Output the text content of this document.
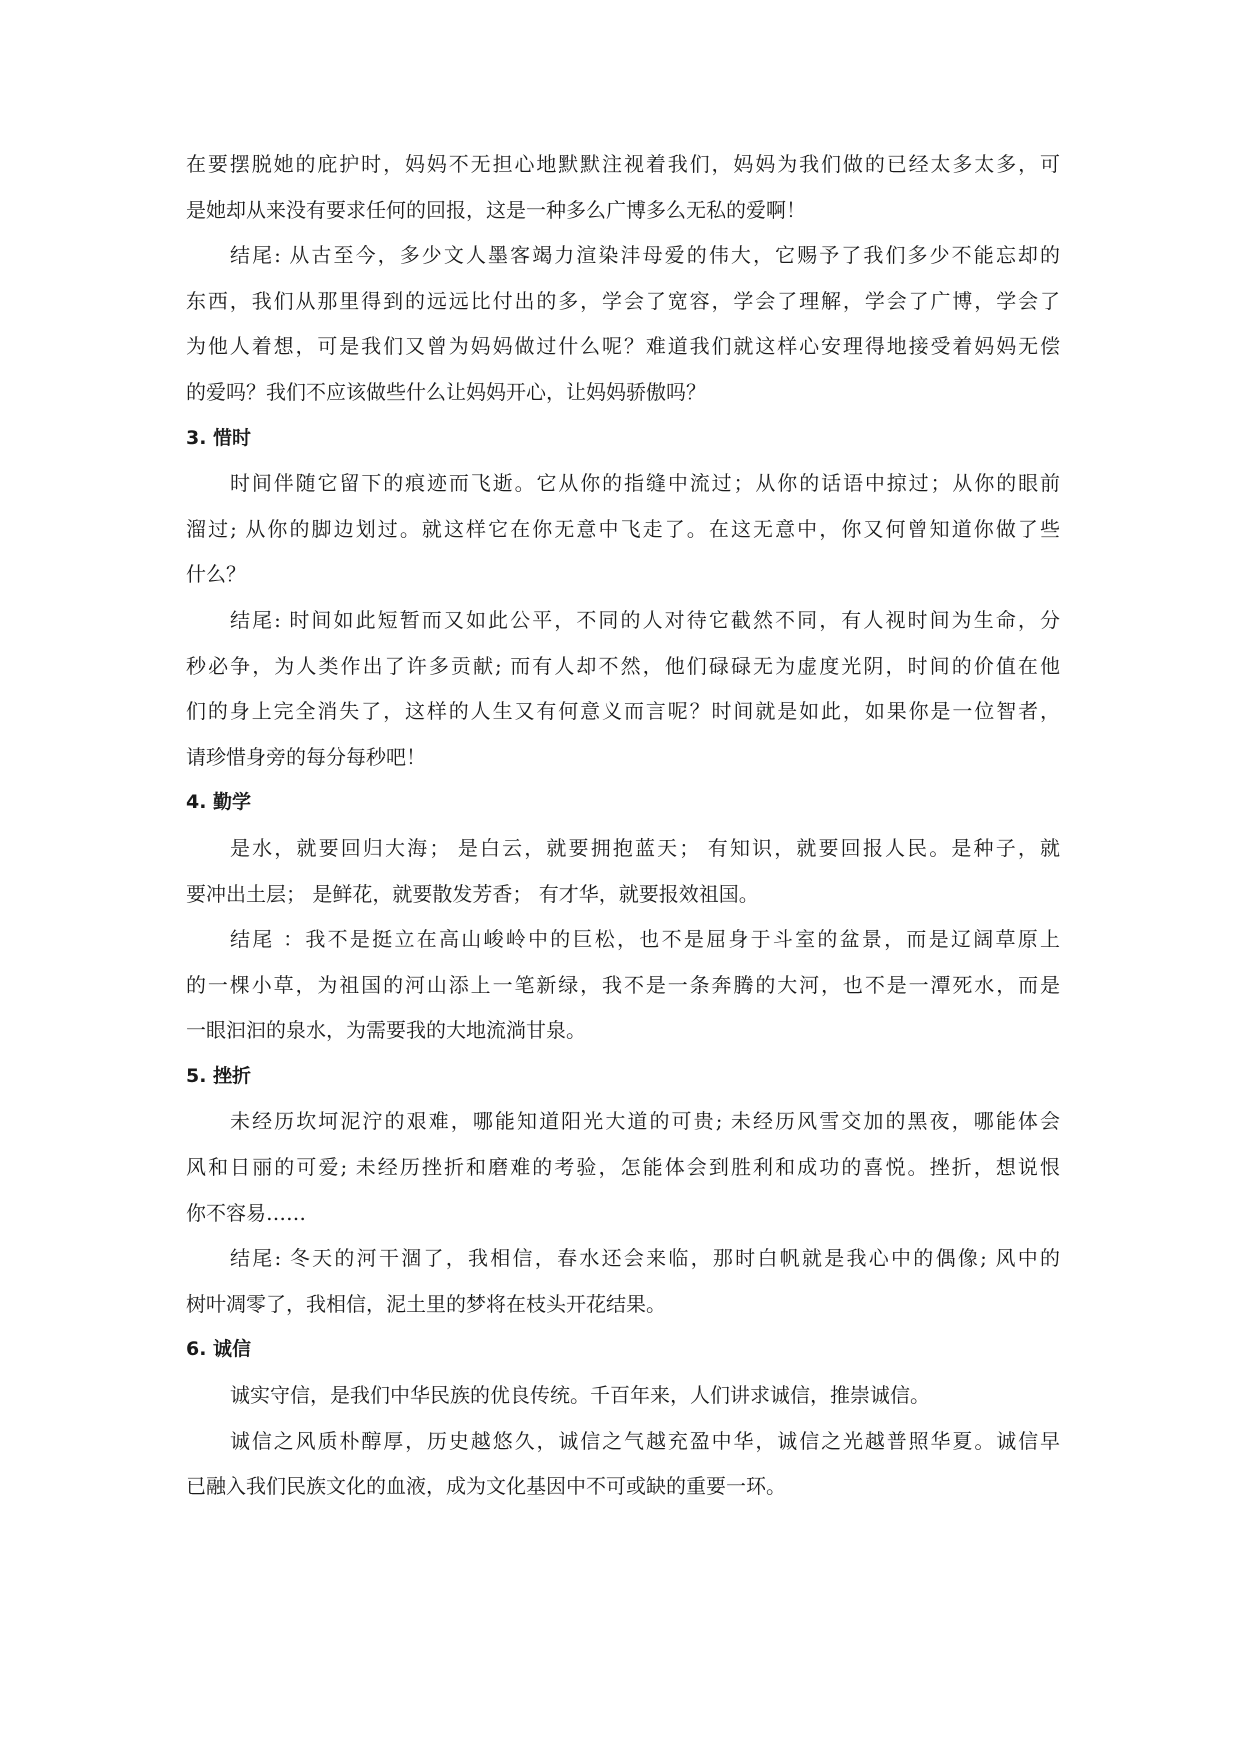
在要摆脱她的庇护时，妈妈不无担心地默默注视着我们，妈妈为我们做的已经太多太多，可
是她却从来没有要求任何的回报，这是一种多么广博多么无私的爱啊！
结尾: 从古至今，多少文人墨客竭力渲染沣母爱的伟大，它赐予了我们多少不能忘却的
东西，我们从那里得到的远远比付出的多，学会了宽容，学会了理解，学会了广博，学会了
为他人着想，可是我们又曾为妈妈做过什么呢？难道我们就这样心安理得地接受着妈妈无偿
的爱吗？我们不应该做些什么让妈妈开心，让妈妈骄傲吗？
3. 惜时
时间伴随它留下的痕迹而飞逝。它从你的指缝中流过；从你的话语中掠过；从你的眼前
溜过; 从你的脚边划过。就这样它在你无意中飞走了。在这无意中，你又何曾知道你做了些
什么？
结尾: 时间如此短暂而又如此公平，不同的人对待它截然不同，有人视时间为生命，分
秒必争，为人类作出了许多贡献; 而有人却不然，他们碌碌无为虚度光阴，时间的价值在他
们的身上完全消失了，这样的人生又有何意义而言呢？时间就是如此，如果你是一位智者，
请珍惜身旁的每分每秒吧！
4. 勤学
是水，就要回归大海； 是白云，就要拥抱蓝天； 有知识，就要回报人民。是种子，就
要冲出土层； 是鲜花，就要散发芳香； 有才华，就要报效祖国。
结尾 ：我不是挺立在高山峻岭中的巨松，也不是屈身于斗室的盆景，而是辽阔草原上
的一棵小草，为祖国的河山添上一笔新绿，我不是一条奔腾的大河，也不是一潭死水，而是
一眼汩汩的泉水，为需要我的大地流淌甘泉。
5. 挫折
未经历坎坷泥泞的艰难，哪能知道阳光大道的可贵; 未经历风雪交加的黑夜，哪能体会
风和日丽的可爱; 未经历挫折和磨难的考验，怎能体会到胜利和成功的喜悦。挫折，想说恨
你不容易……
结尾: 冬天的河干涸了，我相信，春水还会来临，那时白帆就是我心中的偶像; 风中的
树叶凋零了，我相信，泥土里的梦将在枝头开花结果。
6. 诚信
诚实守信，是我们中华民族的优良传统。千百年来，人们讲求诚信，推崇诚信。
诚信之风质朴醇厚，历史越悠久，诚信之气越充盈中华，诚信之光越普照华夏。诚信早
已融入我们民族文化的血液，成为文化基因中不可或缺的重要一环。
